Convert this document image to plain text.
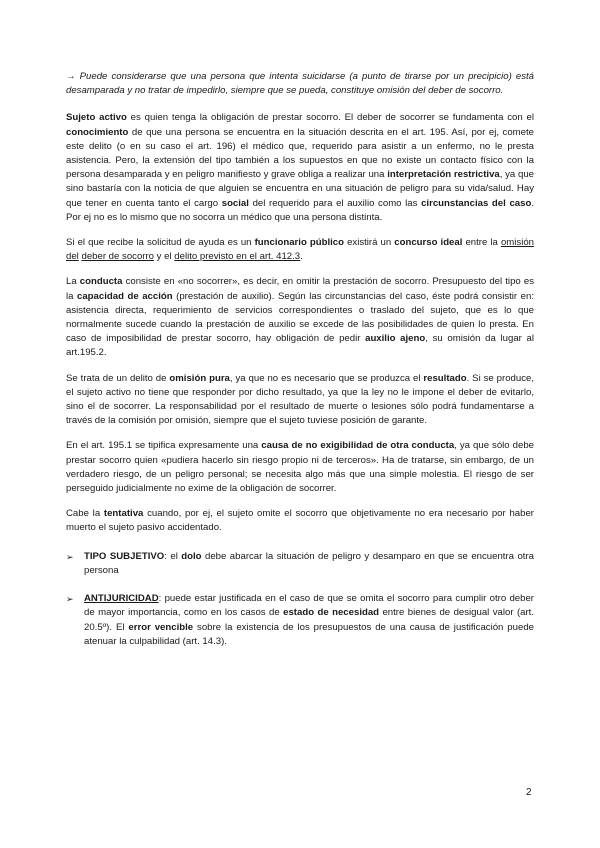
→ Puede considerarse que una persona que intenta suicidarse (a punto de tirarse por un precipicio) está desamparada y no tratar de impedirlo, siempre que se pueda, constituye omisión del deber de socorro.

Sujeto activo es quien tenga la obligación de prestar socorro. El deber de socorrer se fundamenta con el conocimiento de que una persona se encuentra en la situación descrita en el art. 195. Así, por ej, comete este delito (o en su caso el art. 196) el médico que, requerido para asistir a un enfermo, no le presta asistencia. Pero, la extensión del tipo también a los supuestos en que no existe un contacto físico con la persona desamparada y en peligro manifiesto y grave obliga a realizar una interpretación restrictiva, ya que sino bastaría con la noticia de que alguien se encuentra en una situación de peligro para su vida/salud. Hay que tener en cuenta tanto el cargo social del requerido para el auxilio como las circunstancias del caso. Por ej no es lo mismo que no socorra un médico que una persona distinta.

Si el que recibe la solicitud de ayuda es un funcionario público existirá un concurso ideal entre la omisión del deber de socorro y el delito previsto en el art. 412.3.

La conducta consiste en «no socorrer», es decir, en omitir la prestación de socorro. Presupuesto del tipo es la capacidad de acción (prestación de auxilio). Según las circunstancias del caso, éste podrá consistir en: asistencia directa, requerimiento de servicios correspondientes o traslado del sujeto, que es lo que normalmente sucede cuando la prestación de auxilio se excede de las posibilidades de quien lo presta. En caso de imposibilidad de prestar socorro, hay obligación de pedir auxilio ajeno, su omisión da lugar al art.195.2.

Se trata de un delito de omisión pura, ya que no es necesario que se produzca el resultado. Si se produce, el sujeto activo no tiene que responder por dicho resultado, ya que la ley no le impone el deber de evitarlo, sino el de socorrer. La responsabilidad por el resultado de muerte o lesiones sólo podrá fundamentarse a través de la comisión por omisión, siempre que el sujeto tuviese posición de garante.

En el art. 195.1 se tipifica expresamente una causa de no exigibilidad de otra conducta, ya que sólo debe prestar socorro quien «pudiera hacerlo sin riesgo propio ni de terceros». Ha de tratarse, sin embargo, de un verdadero riesgo, de un peligro personal; se necesita algo más que una simple molestia. El riesgo de ser perseguido judicialmente no exime de la obligación de socorrer.

Cabe la tentativa cuando, por ej, el sujeto omite el socorro que objetivamente no era necesario por haber muerto el sujeto pasivo accidentado.

➢ TIPO SUBJETIVO: el dolo debe abarcar la situación de peligro y desamparo en que se encuentra otra persona

➢ ANTIJURICIDAD: puede estar justificada en el caso de que se omita el socorro para cumplir otro deber de mayor importancia, como en los casos de estado de necesidad entre bienes de desigual valor (art. 20.5º). El error vencible sobre la existencia de los presupuestos de una causa de justificación puede atenuar la culpabilidad (art. 14.3).

2
